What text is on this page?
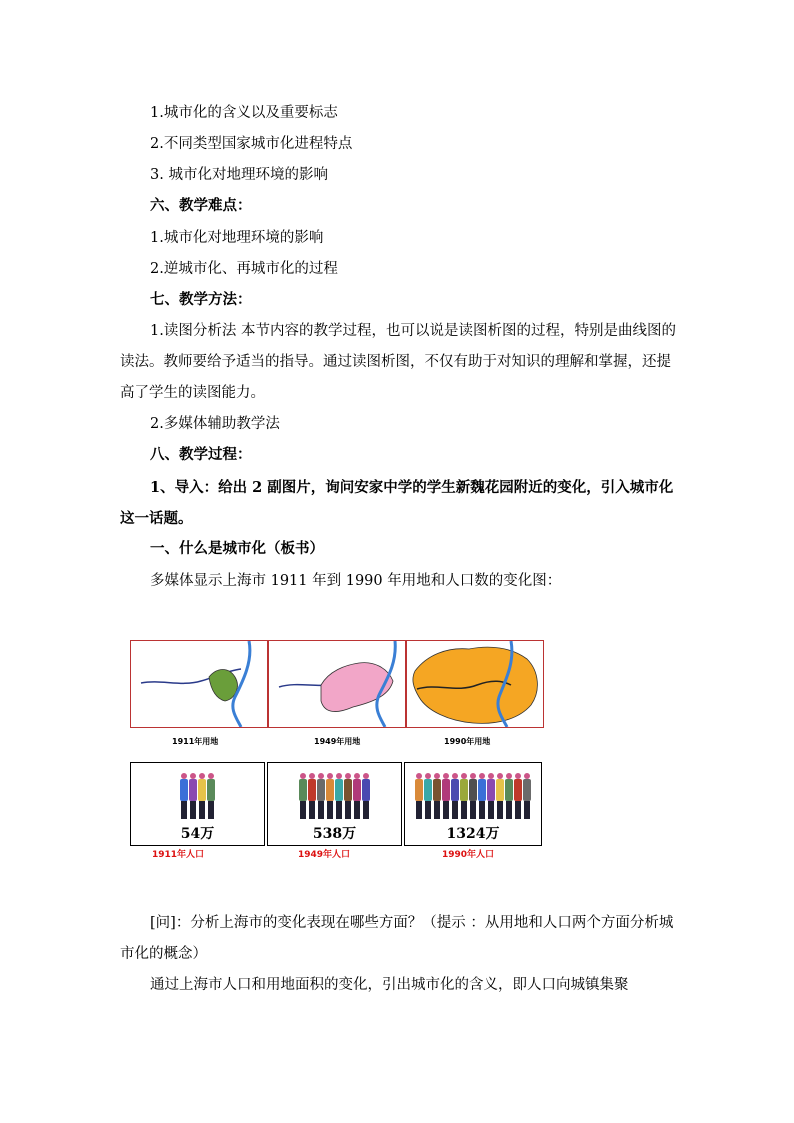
1.城市化的含义以及重要标志
2.不同类型国家城市化进程特点
3. 城市化对地理环境的影响
六、教学难点：
1.城市化对地理环境的影响
2.逆城市化、再城市化的过程
七、教学方法：
1.读图分析法 本节内容的教学过程，也可以说是读图析图的过程，特别是曲线图的读法。教师要给予适当的指导。通过读图析图，不仅有助于对知识的理解和掌握，还提高了学生的读图能力。
2.多媒体辅助教学法
八、教学过程：
1、导入：给出 2 副图片，询问安家中学的学生新魏花园附近的变化，引入城市化这一话题。
一、什么是城市化（板书）
多媒体显示上海市 1911 年到 1990 年用地和人口数的变化图：
1911年用地	1949年用地	1990年用地
54万	538万	1324万
1911年人口	1949年人口	1990年人口
[问]：分析上海市的变化表现在哪些方面？（提示 ：从用地和人口两个方面分析城市化的概念）
通过上海市人口和用地面积的变化，引出城市化的含义，即人口向城镇集聚
